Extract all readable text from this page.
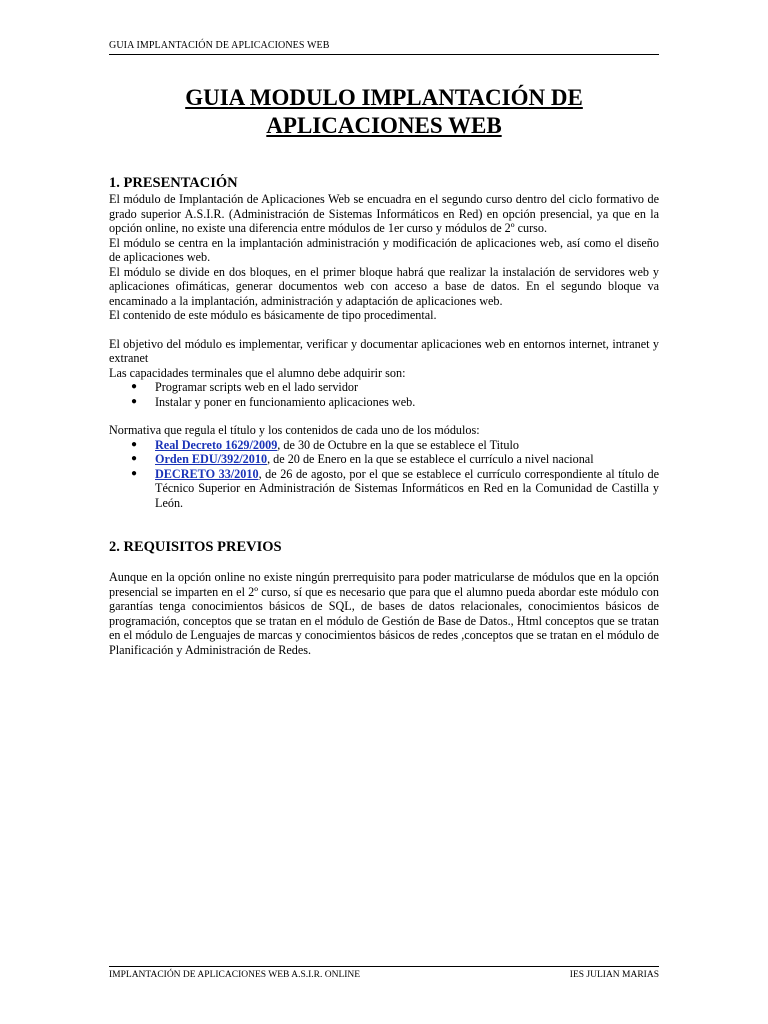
GUIA IMPLANTACIÓN DE APLICACIONES WEB
GUIA MODULO IMPLANTACIÓN DE
APLICACIONES WEB
1. PRESENTACIÓN

El módulo de Implantación de Aplicaciones Web se encuadra en el segundo curso dentro del ciclo formativo de grado superior A.S.I.R. (Administración de Sistemas Informáticos en Red) en opción presencial, ya que en la opción online, no existe una diferencia entre módulos de 1er curso y módulos de 2º curso.

El módulo se centra en la implantación administración y modificación de aplicaciones web, así como el diseño de aplicaciones web.

El módulo se divide en dos bloques, en el primer bloque habrá que realizar la instalación de servidores web y aplicaciones ofimáticas, generar documentos web con acceso a base de datos. En el segundo bloque va encaminado a la implantación, administración y adaptación de aplicaciones web.

El contenido de este módulo es básicamente de tipo procedimental.

El objetivo del módulo es implementar, verificar y documentar aplicaciones web en entornos internet, intranet y extranet

Las capacidades terminales que el alumno debe adquirir son:

● Programar scripts web en el lado servidor
● Instalar y poner en funcionamiento aplicaciones web.

Normativa que regula el título y los contenidos de cada uno de los módulos:

● Real Decreto 1629/2009, de 30 de Octubre en la que se establece el Titulo
● Orden EDU/392/2010, de 20 de Enero en la que se establece el currículo a nivel nacional
● DECRETO 33/2010, de 26 de agosto, por el que se establece el currículo correspondiente al título de Técnico Superior en Administración de Sistemas Informáticos en Red en la Comunidad de Castilla y León.
2. REQUISITOS PREVIOS

Aunque en la opción online no existe ningún prerrequisito para poder matricularse de módulos que en la opción presencial se imparten en el 2º curso, sí que es necesario que para que el alumno pueda abordar este módulo con garantías tenga conocimientos básicos de SQL, de bases de datos relacionales, conocimientos básicos de programación, conceptos que se tratan en el módulo de Gestión de Base de Datos., Html conceptos que se tratan en el módulo de Lenguajes de marcas y conocimientos básicos de redes ,conceptos que se tratan en el módulo de Planificación y Administración de Redes.

IMPLANTACIÓN DE APLICACIONES WEB A.S.I.R. ONLINE	IES JULIAN MARIAS
